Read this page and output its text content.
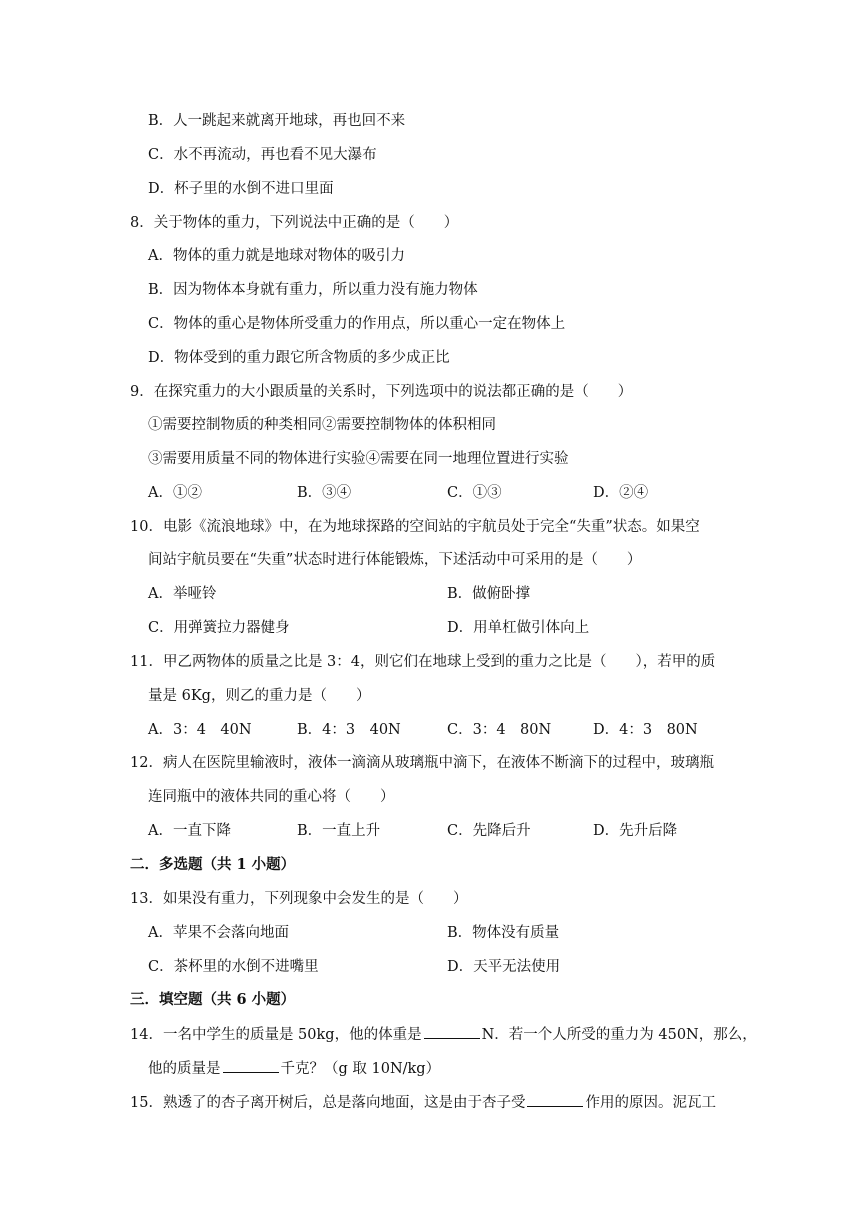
B．人一跳起来就离开地球，再也回不来
C．水不再流动，再也看不见大瀑布
D．杯子里的水倒不进口里面
8．关于物体的重力，下列说法中正确的是（　　）
A．物体的重力就是地球对物体的吸引力
B．因为物体本身就有重力，所以重力没有施力物体
C．物体的重心是物体所受重力的作用点，所以重心一定在物体上
D．物体受到的重力跟它所含物质的多少成正比
9．在探究重力的大小跟质量的关系时，下列选项中的说法都正确的是（　　）
①需要控制物质的种类相同②需要控制物体的体积相同
③需要用质量不同的物体进行实验④需要在同一地理位置进行实验
A．①②	B．③④	C．①③	D．②④
10．电影《流浪地球》中，在为地球探路的空间站的宇航员处于完全“失重”状态。如果空
间站宇航员要在“失重”状态时进行体能锻炼，下述活动中可采用的是（　　）
A．举哑铃	B．做俯卧撑
C．用弹簧拉力器健身	D．用单杠做引体向上
11．甲乙两物体的质量之比是 3：4，则它们在地球上受到的重力之比是（　　），若甲的质
量是 6Kg，则乙的重力是（　　）
A．3：4　40N	B．4：3　40N	C．3：4　80N	D．4：3　80N
12．病人在医院里输液时，液体一滴滴从玻璃瓶中滴下，在液体不断滴下的过程中，玻璃瓶
连同瓶中的液体共同的重心将（　　）
A．一直下降	B．一直上升	C．先降后升	D．先升后降
二．多选题（共 1 小题）
13．如果没有重力，下列现象中会发生的是（　　）
A．苹果不会落向地面	B．物体没有质量
C．茶杯里的水倒不进嘴里	D．天平无法使用
三．填空题（共 6 小题）
14．一名中学生的质量是 50kg，他的体重是	N．若一个人所受的重力为 450N，那么，
他的质量是	千克？（g 取 10N/kg）
15．熟透了的杏子离开树后，总是落向地面，这是由于杏子受	作用的原因。泥瓦工
